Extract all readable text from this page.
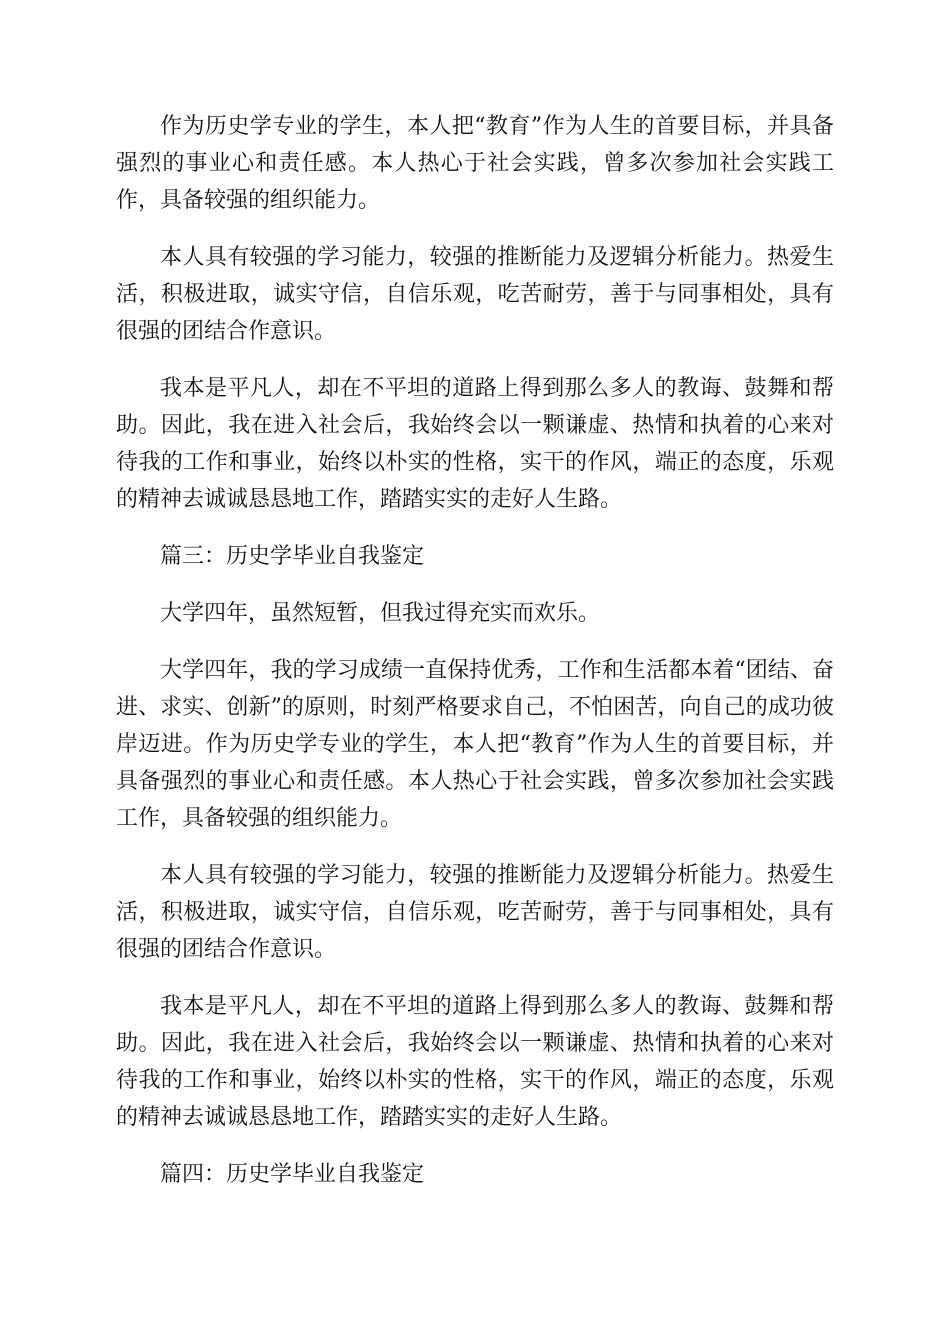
作为历史学专业的学生，本人把“教育”作为人生的首要目标，并具备强烈的事业心和责任感。本人热心于社会实践，曾多次参加社会实践工作，具备较强的组织能力。

本人具有较强的学习能力，较强的推断能力及逻辑分析能力。热爱生活，积极进取，诚实守信，自信乐观，吃苦耐劳，善于与同事相处，具有很强的团结合作意识。

我本是平凡人，却在不平坦的道路上得到那么多人的教诲、鼓舞和帮助。因此，我在进入社会后，我始终会以一颗谦虚、热情和执着的心来对待我的工作和事业，始终以朴实的性格，实干的作风，端正的态度，乐观的精神去诚诚恳恳地工作，踏踏实实的走好人生路。

篇三：历史学毕业自我鉴定

大学四年，虽然短暂，但我过得充实而欢乐。

大学四年，我的学习成绩一直保持优秀，工作和生活都本着“团结、奋进、求实、创新”的原则，时刻严格要求自己，不怕困苦，向自己的成功彼岸迈进。作为历史学专业的学生，本人把“教育”作为人生的首要目标，并具备强烈的事业心和责任感。本人热心于社会实践，曾多次参加社会实践工作，具备较强的组织能力。

本人具有较强的学习能力，较强的推断能力及逻辑分析能力。热爱生活，积极进取，诚实守信，自信乐观，吃苦耐劳，善于与同事相处，具有很强的团结合作意识。

我本是平凡人，却在不平坦的道路上得到那么多人的教诲、鼓舞和帮助。因此，我在进入社会后，我始终会以一颗谦虚、热情和执着的心来对待我的工作和事业，始终以朴实的性格，实干的作风，端正的态度，乐观的精神去诚诚恳恳地工作，踏踏实实的走好人生路。

篇四：历史学毕业自我鉴定
